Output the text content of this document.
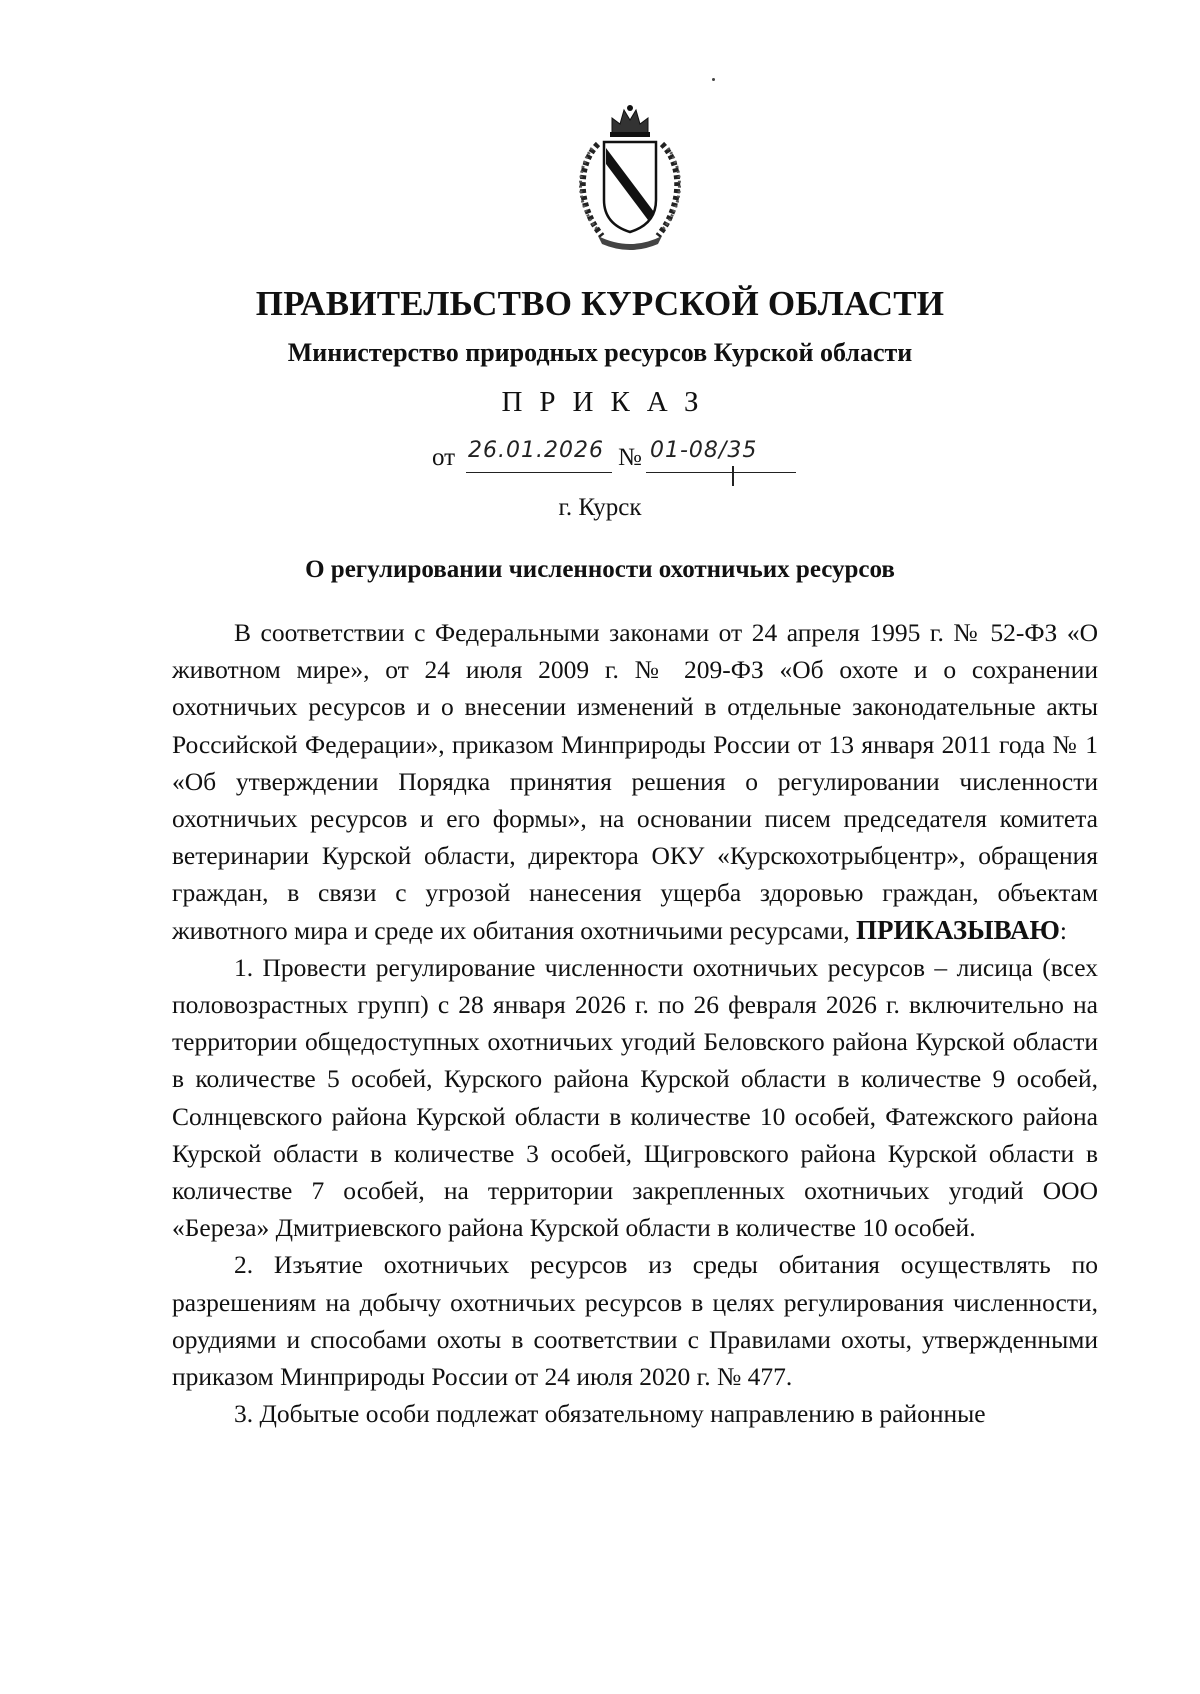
ПРАВИТЕЛЬСТВО КУРСКОЙ ОБЛАСТИ
Министерство природных ресурсов Курской области
ПРИКАЗ
от 26.01.2026 № 01-08/35
г. Курск
О регулировании численности охотничьих ресурсов

В соответствии с Федеральными законами от 24 апреля 1995 г. № 52-ФЗ «О животном мире», от 24 июля 2009 г. № 209-ФЗ «Об охоте и о сохранении охотничьих ресурсов и о внесении изменений в отдельные законодательные акты Российской Федерации», приказом Минприроды России от 13 января 2011 года № 1 «Об утверждении Порядка принятия решения о регулировании численности охотничьих ресурсов и его формы», на основании писем председателя комитета ветеринарии Курской области, директора ОКУ «Курскохотрыбцентр», обращения граждан, в связи с угрозой нанесения ущерба здоровью граждан, объектам животного мира и среде их обитания охотничьими ресурсами, ПРИКАЗЫВАЮ:

1. Провести регулирование численности охотничьих ресурсов – лисица (всех половозрастных групп) с 28 января 2026 г. по 26 февраля 2026 г. включительно на территории общедоступных охотничьих угодий Беловского района Курской области в количестве 5 особей, Курского района Курской области в количестве 9 особей, Солнцевского района Курской области в количестве 10 особей, Фатежского района Курской области в количестве 3 особей, Щигровского района Курской области в количестве 7 особей, на территории закрепленных охотничьих угодий ООО «Береза» Дмитриевского района Курской области в количестве 10 особей.

2. Изъятие охотничьих ресурсов из среды обитания осуществлять по разрешениям на добычу охотничьих ресурсов в целях регулирования численности, орудиями и способами охоты в соответствии с Правилами охоты, утвержденными приказом Минприроды России от 24 июля 2020 г. № 477.

3. Добытые особи подлежат обязательному направлению в районные
